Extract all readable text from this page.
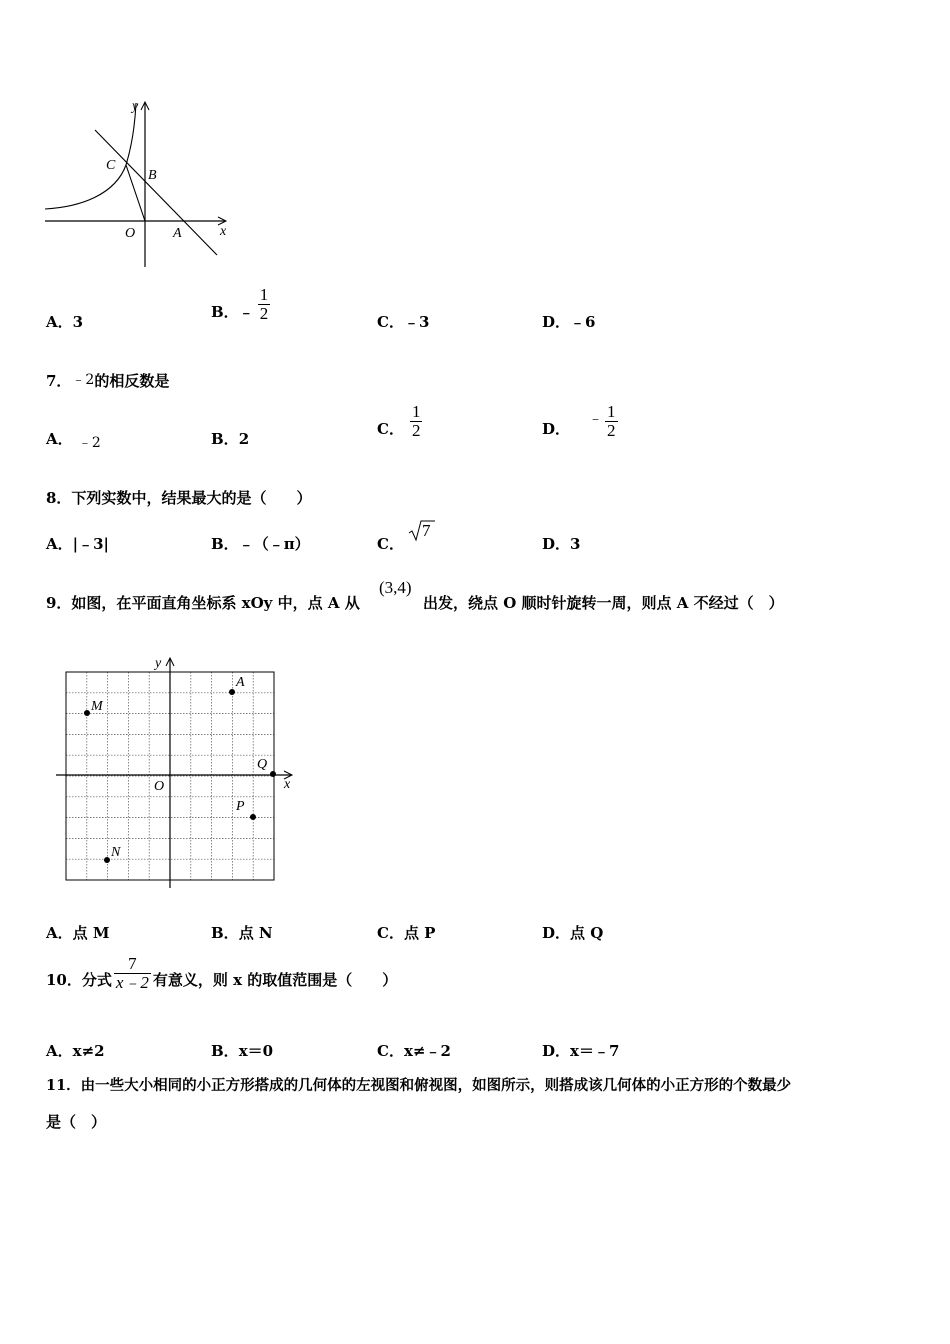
y
C
B
O	A	x
A．3
B． ﹣ $\frac{1}{2}$	C．﹣3	D．﹣6
7．﹣2的相反数是
A． ﹣2	B．2
C． $\frac{1}{2}$	D．
﹣ $\frac{1}{2}$
8．下列实数中，结果最大的是（　　）
A．|﹣3|	B．﹣（﹣π）	C．
7
D．3
9．如图，在平面直角坐标系 xOy 中，点 A 从
(3,4)
出发，绕点 O 顺时针旋转一周，则点 A 不经过（　）
y
A
M
Q
O	x
P
N
A．点 M	B．点 N	C．点 P	D．点 Q
10．分式 $\frac{7}{x﹣2}$ 有意义，则 x 的取值范围是（　　）
A．x≠2	B．x＝0	C．x≠﹣2	D．x＝﹣7
11．由一些大小相同的小正方形搭成的几何体的左视图和俯视图，如图所示，则搭成该几何体的小正方形的个数最少
是（　）
